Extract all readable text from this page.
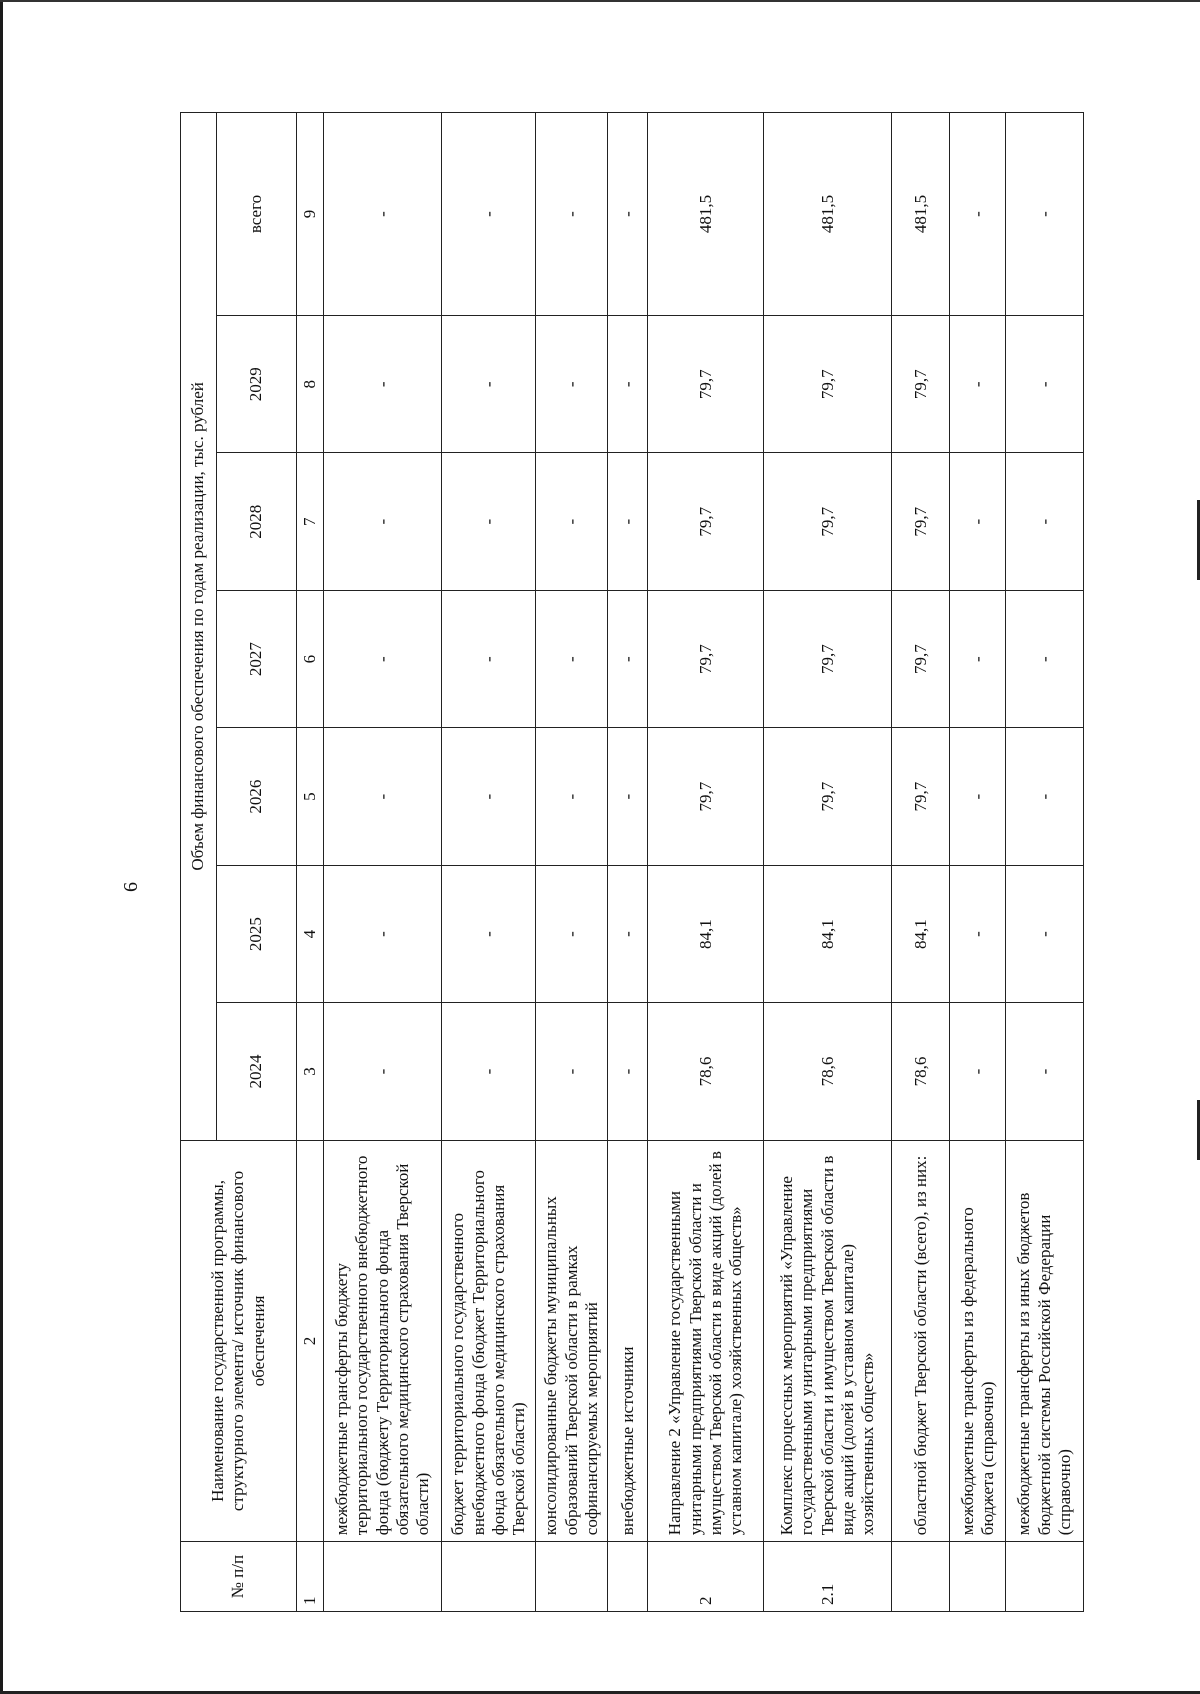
6
№ п/п	Наименование государственной программы, структурного элемента/ источник финансового обеспечения	Объем финансового обеспечения по годам реализации, тыс. рублей						
		2024	2025	2026	2027	2028	2029	всего
1	2	3	4	5	6	7	8	9
	межбюджетные трансферты бюджету территориального государственного внебюджетного фонда (бюджету Территориального фонда обязательного медицинского страхования Тверской области)	-	-	-	-	-	-	-
	бюджет территориального государственного внебюджетного фонда (бюджет Территориального фонда обязательного медицинского страхования Тверской области)	-	-	-	-	-	-	-
	консолидированные бюджеты муниципальных образований Тверской области в рамках софинансируемых мероприятий	-	-	-	-	-	-	-
	внебюджетные источники	-	-	-	-	-	-	-
2	Направление 2 «Управление государственными унитарными предприятиями Тверской области и имуществом Тверской области в виде акций (долей в уставном капитале) хозяйственных обществ»	78,6	84,1	79,7	79,7	79,7	79,7	481,5
2.1	Комплекс процессных мероприятий «Управление государственными унитарными предприятиями Тверской области и имуществом Тверской области в виде акций (долей в уставном капитале) хозяйственных обществ»	78,6	84,1	79,7	79,7	79,7	79,7	481,5
	областной бюджет Тверской области (всего), из них:	78,6	84,1	79,7	79,7	79,7	79,7	481,5
	межбюджетные трансферты из федерального бюджета (справочно)	-	-	-	-	-	-	-
	межбюджетные трансферты из иных бюджетов бюджетной системы Российской Федерации (справочно)	-	-	-	-	-	-	-
